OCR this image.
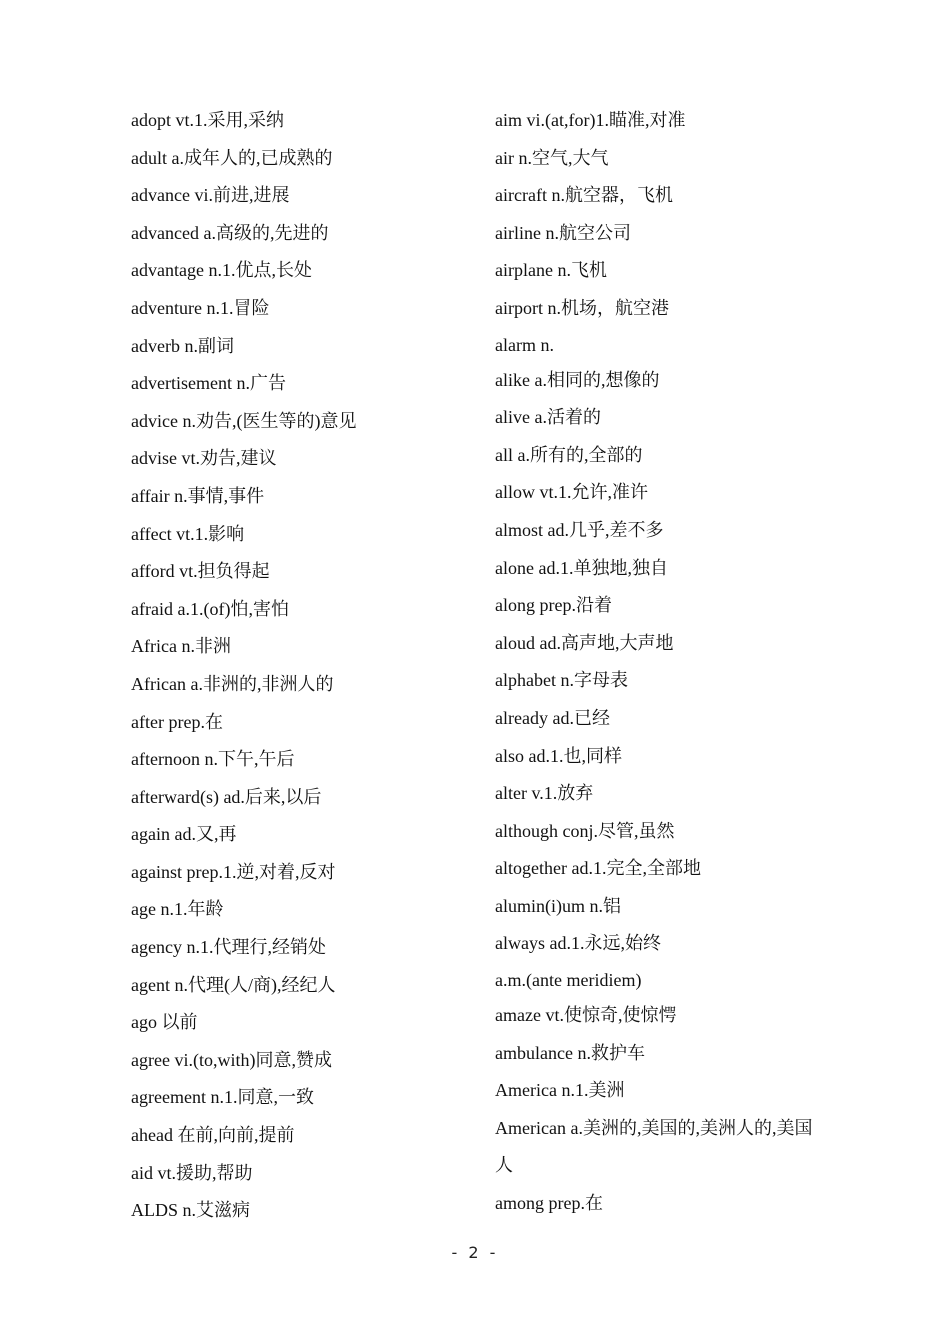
adopt vt.1.采用,采纳
adult a.成年人的,已成熟的
advance vi.前进,进展
advanced a.高级的,先进的
advantage n.1.优点,长处
adventure n.1.冒险
adverb n.副词
advertisement n.广告
advice n.劝告,(医生等的)意见
advise vt.劝告,建议
affair n.事情,事件
affect vt.1.影响
afford vt.担负得起
afraid a.1.(of)怕,害怕
Africa n.非洲
African a.非洲的,非洲人的
after prep.在
afternoon n.下午,午后
afterward(s) ad.后来,以后
again ad.又,再
against prep.1.逆,对着,反对
age n.1.年龄
agency n.1.代理行,经销处
agent n.代理(人/商),经纪人
ago 以前
agree vi.(to,with)同意,赞成
agreement n.1.同意,一致
ahead 在前,向前,提前
aid vt.援助,帮助
ALDS n.艾滋病
aim vi.(at,for)1.瞄准,对准
air n.空气,大气
aircraft n.航空器，飞机
airline n.航空公司
airplane n.飞机
airport n.机场，航空港
alarm n.
alike a.相同的,想像的
alive a.活着的
all a.所有的,全部的
allow vt.1.允许,准许
almost ad.几乎,差不多
alone ad.1.单独地,独自
along prep.沿着
aloud ad.高声地,大声地
alphabet n.字母表
already ad.已经
also ad.1.也,同样
alter v.1.放弃
although conj.尽管,虽然
altogether ad.1.完全,全部地
alumin(i)um n.铝
always ad.1.永远,始终
a.m.(ante meridiem)
amaze vt.使惊奇,使惊愕
ambulance n.救护车
America n.1.美洲
American a.美洲的,美国的,美洲人的,美国人
among prep.在
- 2 -
